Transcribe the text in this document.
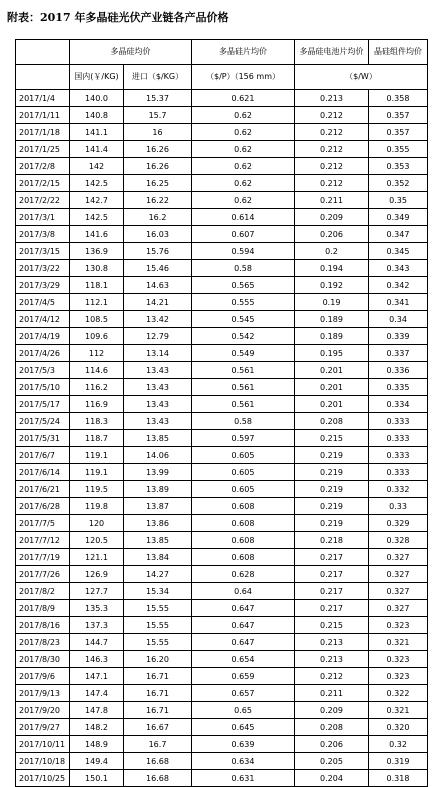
附表：2017 年多晶硅光伏产业链各产品价格
	多晶硅均价		多晶硅片均价	多晶硅电池片均价	晶硅组件均价
	国内(￥/KG)	进口（$/KG）	（$/P）（156 mm）	（$/W）	
2017/1/4	140.0	15.37	0.621	0.213	0.358
2017/1/11	140.8	15.7	0.62	0.212	0.357
2017/1/18	141.1	16	0.62	0.212	0.357
2017/1/25	141.4	16.26	0.62	0.212	0.355
2017/2/8	142	16.26	0.62	0.212	0.353
2017/2/15	142.5	16.25	0.62	0.212	0.352
2017/2/22	142.7	16.22	0.62	0.211	0.35
2017/3/1	142.5	16.2	0.614	0.209	0.349
2017/3/8	141.6	16.03	0.607	0.206	0.347
2017/3/15	136.9	15.76	0.594	0.2	0.345
2017/3/22	130.8	15.46	0.58	0.194	0.343
2017/3/29	118.1	14.63	0.565	0.192	0.342
2017/4/5	112.1	14.21	0.555	0.19	0.341
2017/4/12	108.5	13.42	0.545	0.189	0.34
2017/4/19	109.6	12.79	0.542	0.189	0.339
2017/4/26	112	13.14	0.549	0.195	0.337
2017/5/3	114.6	13.43	0.561	0.201	0.336
2017/5/10	116.2	13.43	0.561	0.201	0.335
2017/5/17	116.9	13.43	0.561	0.201	0.334
2017/5/24	118.3	13.43	0.58	0.208	0.333
2017/5/31	118.7	13.85	0.597	0.215	0.333
2017/6/7	119.1	14.06	0.605	0.219	0.333
2017/6/14	119.1	13.99	0.605	0.219	0.333
2017/6/21	119.5	13.89	0.605	0.219	0.332
2017/6/28	119.8	13.87	0.608	0.219	0.33
2017/7/5	120	13.86	0.608	0.219	0.329
2017/7/12	120.5	13.85	0.608	0.218	0.328
2017/7/19	121.1	13.84	0.608	0.217	0.327
2017/7/26	126.9	14.27	0.628	0.217	0.327
2017/8/2	127.7	15.34	0.64	0.217	0.327
2017/8/9	135.3	15.55	0.647	0.217	0.327
2017/8/16	137.3	15.55	0.647	0.215	0.323
2017/8/23	144.7	15.55	0.647	0.213	0.321
2017/8/30	146.3	16.20	0.654	0.213	0.323
2017/9/6	147.1	16.71	0.659	0.212	0.323
2017/9/13	147.4	16.71	0.657	0.211	0.322
2017/9/20	147.8	16.71	0.65	0.209	0.321
2017/9/27	148.2	16.67	0.645	0.208	0.320
2017/10/11	148.9	16.7	0.639	0.206	0.32
2017/10/18	149.4	16.68	0.634	0.205	0.319
2017/10/25	150.1	16.68	0.631	0.204	0.318
